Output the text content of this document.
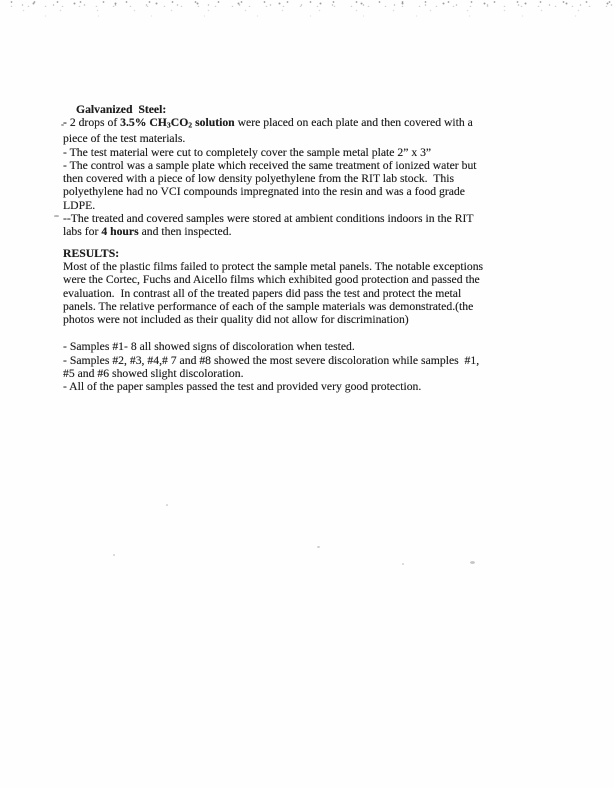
Galvanized  Steel:
- 2 drops of 3.5% $CH_3CO_2$ solution were placed on each plate and then covered with a
piece of the test materials.
- The test material were cut to completely cover the sample metal plate 2” x 3”
- The control was a sample plate which received the same treatment of ionized water but
then covered with a piece of low density polyethylene from the RIT lab stock.  This
polyethylene had no VCI compounds impregnated into the resin and was a food grade
LDPE.
--The treated and covered samples were stored at ambient conditions indoors in the RIT
labs for 4 hours and then inspected.
RESULTS:
Most of the plastic films failed to protect the sample metal panels. The notable exceptions
were the Cortec, Fuchs and Aicello films which exhibited good protection and passed the
evaluation.  In contrast all of the treated papers did pass the test and protect the metal
panels. The relative performance of each of the sample materials was demonstrated.(the
photos were not included as their quality did not allow for discrimination)
- Samples #1- 8 all showed signs of discoloration when tested.
- Samples #2, #3, #4,# 7 and #8 showed the most severe discoloration while samples  #1,
#5 and #6 showed slight discoloration.
- All of the paper samples passed the test and provided very good protection.
